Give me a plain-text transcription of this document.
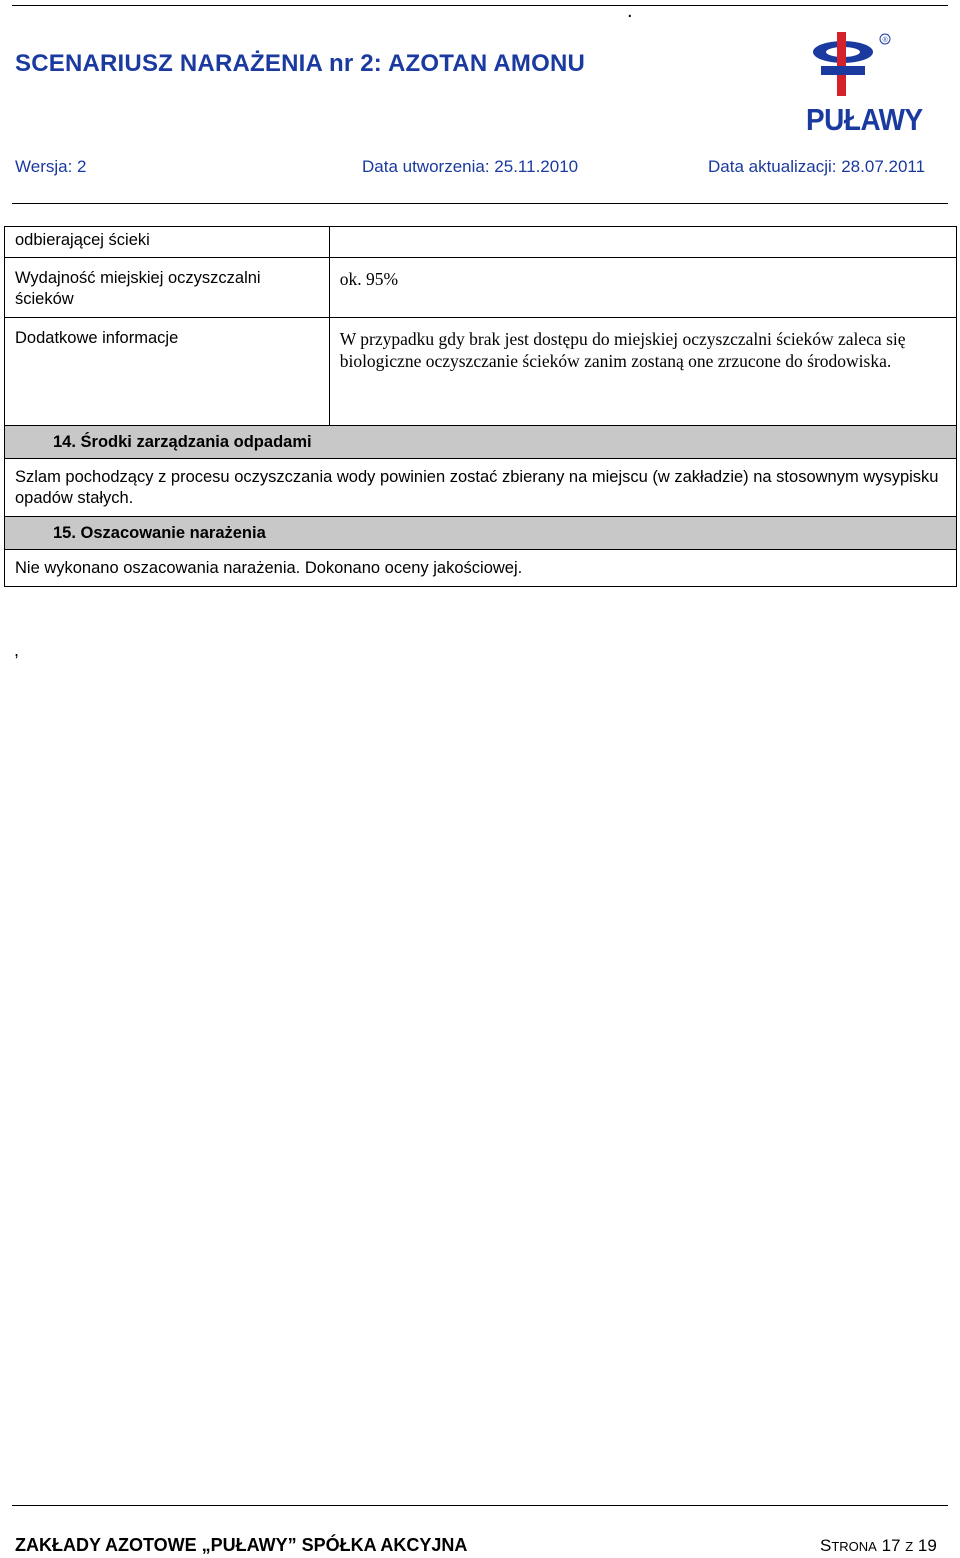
.
SCENARIUSZ NARAŻENIA nr 2: AZOTAN AMONU
®
PUŁAWY
Wersja: 2	Data utworzenia: 25.11.2010	Data aktualizacji: 28.07.2011
odbierającej ścieki	
Wydajność miejskiej oczyszczalni ścieków	ok. 95%
Dodatkowe informacje	W przypadku gdy brak jest dostępu do miejskiej oczyszczalni ścieków zaleca się biologiczne oczyszczanie ścieków zanim zostaną one zrzucone do środowiska.

14. Środki zarządzania odpadami	

Szlam pochodzący z procesu oczyszczania wody powinien zostać zbierany na miejscu (w zakładzie) na stosownym wysypisku opadów stałych.	

15. Oszacowanie narażenia	

Nie wykonano oszacowania narażenia. Dokonano oceny jakościowej.	
,
ZAKŁADY AZOTOWE „PUŁAWY” SPÓŁKA AKCYJNA	STRONA 17 Z 19
